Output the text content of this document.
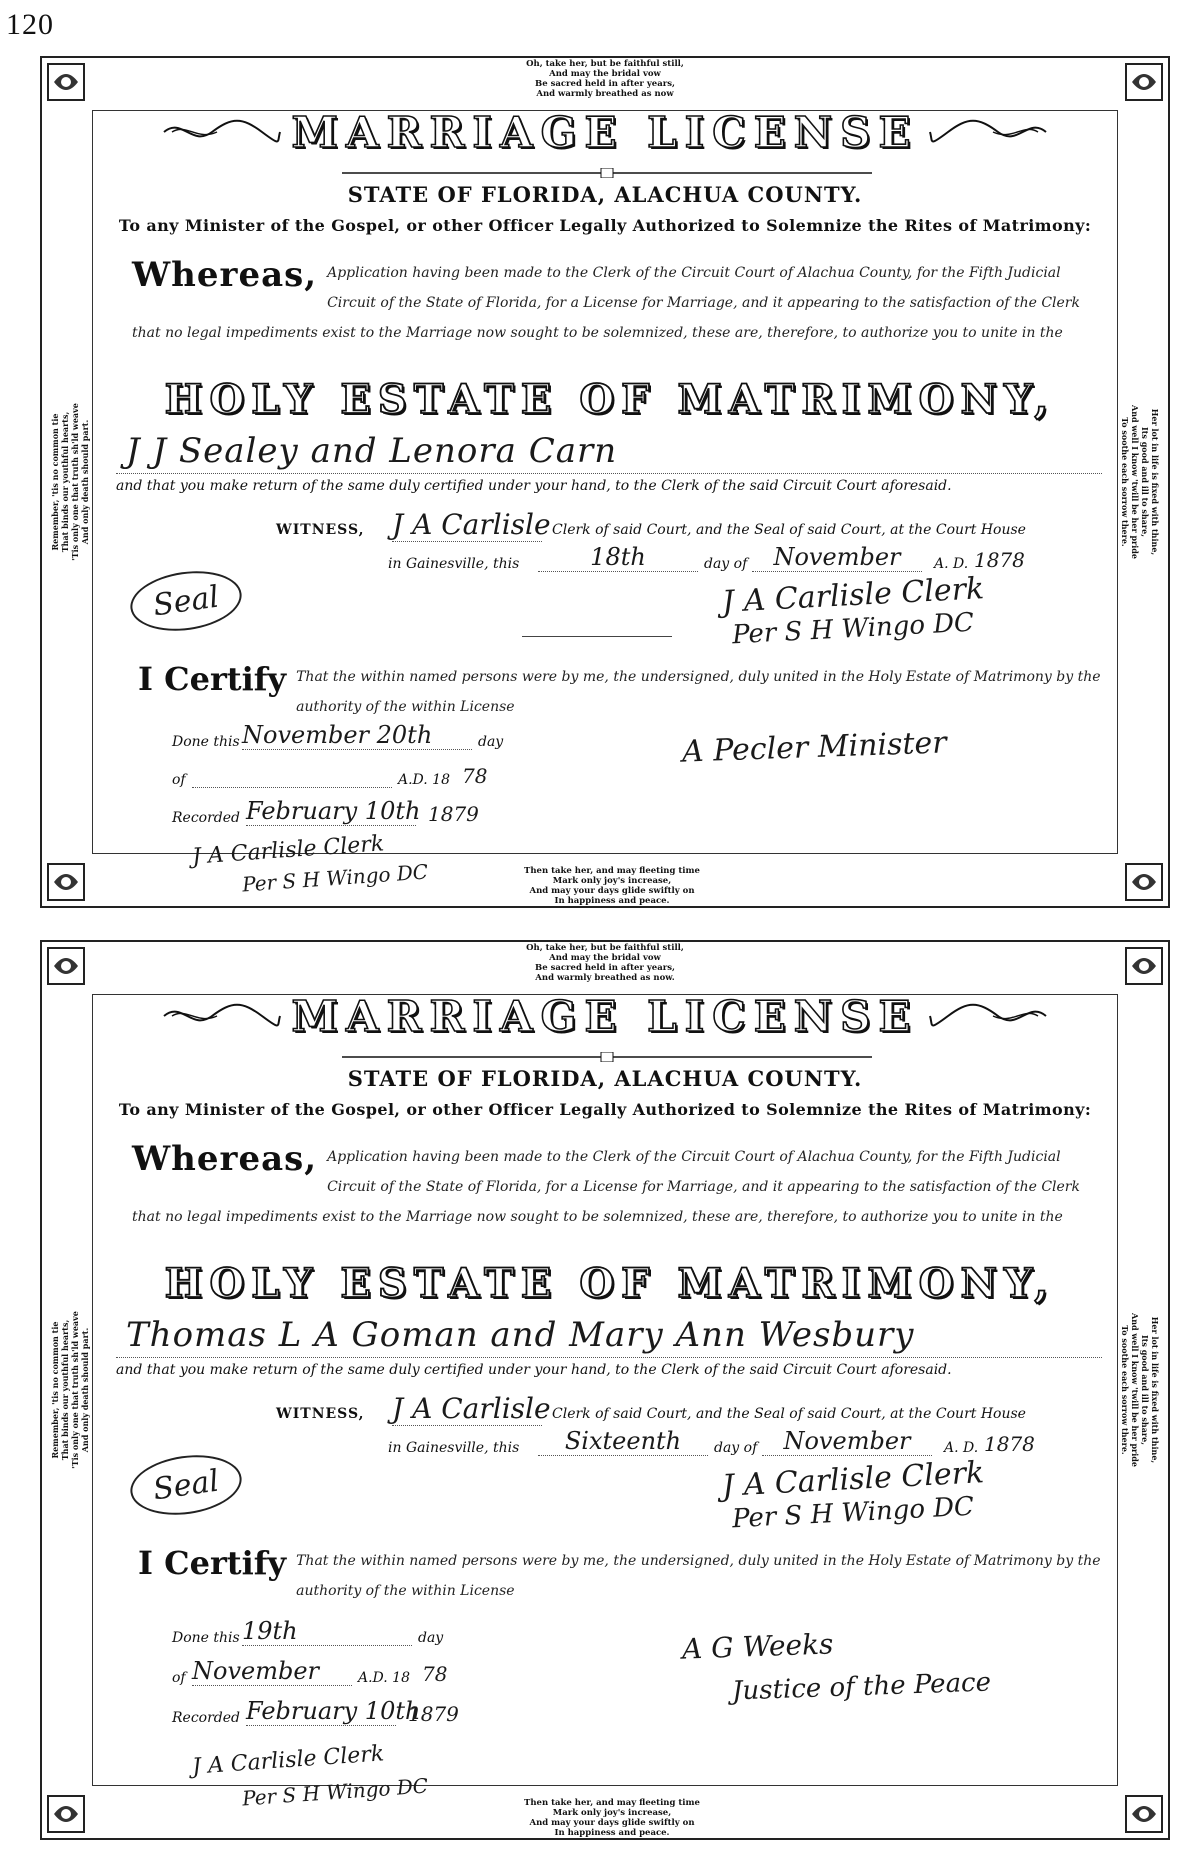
120
Oh, take her, but be faithful still,
And may the bridal vow
Be sacred held in after years,
And warmly breathed as now
Remember, 'tis no common tie That binds our youthful hearts, 'Tis only one that truth sh'ld weave And only death should part.	Her lot in life is fixed with thine,
Its good and ill to share,
And well I know 'twill be her pride
To soothe each sorrow there.
MARRIAGE LICENSE
STATE OF FLORIDA, ALACHUA COUNTY.
To any Minister of the Gospel, or other Officer Legally Authorized to Solemnize the Rites of Matrimony:
Whereas, Application having been made to the Clerk of the Circuit Court of Alachua County, for the Fifth Judicial Circuit of the State of Florida, for a License for Marriage, and it appearing to the satisfaction of the Clerk that no legal impediments exist to the Marriage now sought to be solemnized, these are, therefore, to authorize you to unite in the
HOLY ESTATE OF MATRIMONY,
J J Sealey and Lenora Carn
and that you make return of the same duly certified under your hand, to the Clerk of the said Circuit Court aforesaid.
WITNESS, J A Carlisle Clerk of said Court, and the Seal of said Court, at the Court House
in Gainesville, this	18th	day of	November	A. D. 1878
Seal	J A Carlisle Clerk
Per S H Wingo DC
I Certify That the within named persons were by me, the undersigned, duly united in the Holy Estate of Matrimony by the authority of the within License
Done this November 20th	day
of	A.D. 18 78
Recorded February 10th 1879
A Pecler Minister
J A Carlisle Clerk
Per S H Wingo DC	Then take her, and may fleeting time
Mark only joy's increase,
And may your days glide swiftly on
In happiness and peace.
Oh, take her, but be faithful still,
And may the bridal vow
Be sacred held in after years,
And warmly breathed as now.
Remember, 'tis no common tie That binds our youthful hearts, 'Tis only one that truth sh'ld weave And only death should part.	Her lot in life is fixed with thine,
Its good and ill to share,
And well I know 'twill be her pride
To soothe each sorrow there.
MARRIAGE LICENSE
STATE OF FLORIDA, ALACHUA COUNTY.
To any Minister of the Gospel, or other Officer Legally Authorized to Solemnize the Rites of Matrimony:
Whereas, Application having been made to the Clerk of the Circuit Court of Alachua County, for the Fifth Judicial Circuit of the State of Florida, for a License for Marriage, and it appearing to the satisfaction of the Clerk that no legal impediments exist to the Marriage now sought to be solemnized, these are, therefore, to authorize you to unite in the
HOLY ESTATE OF MATRIMONY,
Thomas L A Goman and Mary Ann Wesbury
and that you make return of the same duly certified under your hand, to the Clerk of the said Circuit Court aforesaid.
WITNESS, J A Carlisle Clerk of said Court, and the Seal of said Court, at the Court House
in Gainesville, this	Sixteenth	day of	November	A. D. 1878
Seal	J A Carlisle Clerk
Per S H Wingo DC
I Certify That the within named persons were by me, the undersigned, duly united in the Holy Estate of Matrimony by the authority of the within License
Done this 19th	day
of November	A.D. 18 78
Recorded February 10th
1879
A G Weeks
Justice of the Peace
J A Carlisle Clerk
Per S H Wingo DC	Then take her, and may fleeting time
Mark only joy's increase,
And may your days glide swiftly on
In happiness and peace.
